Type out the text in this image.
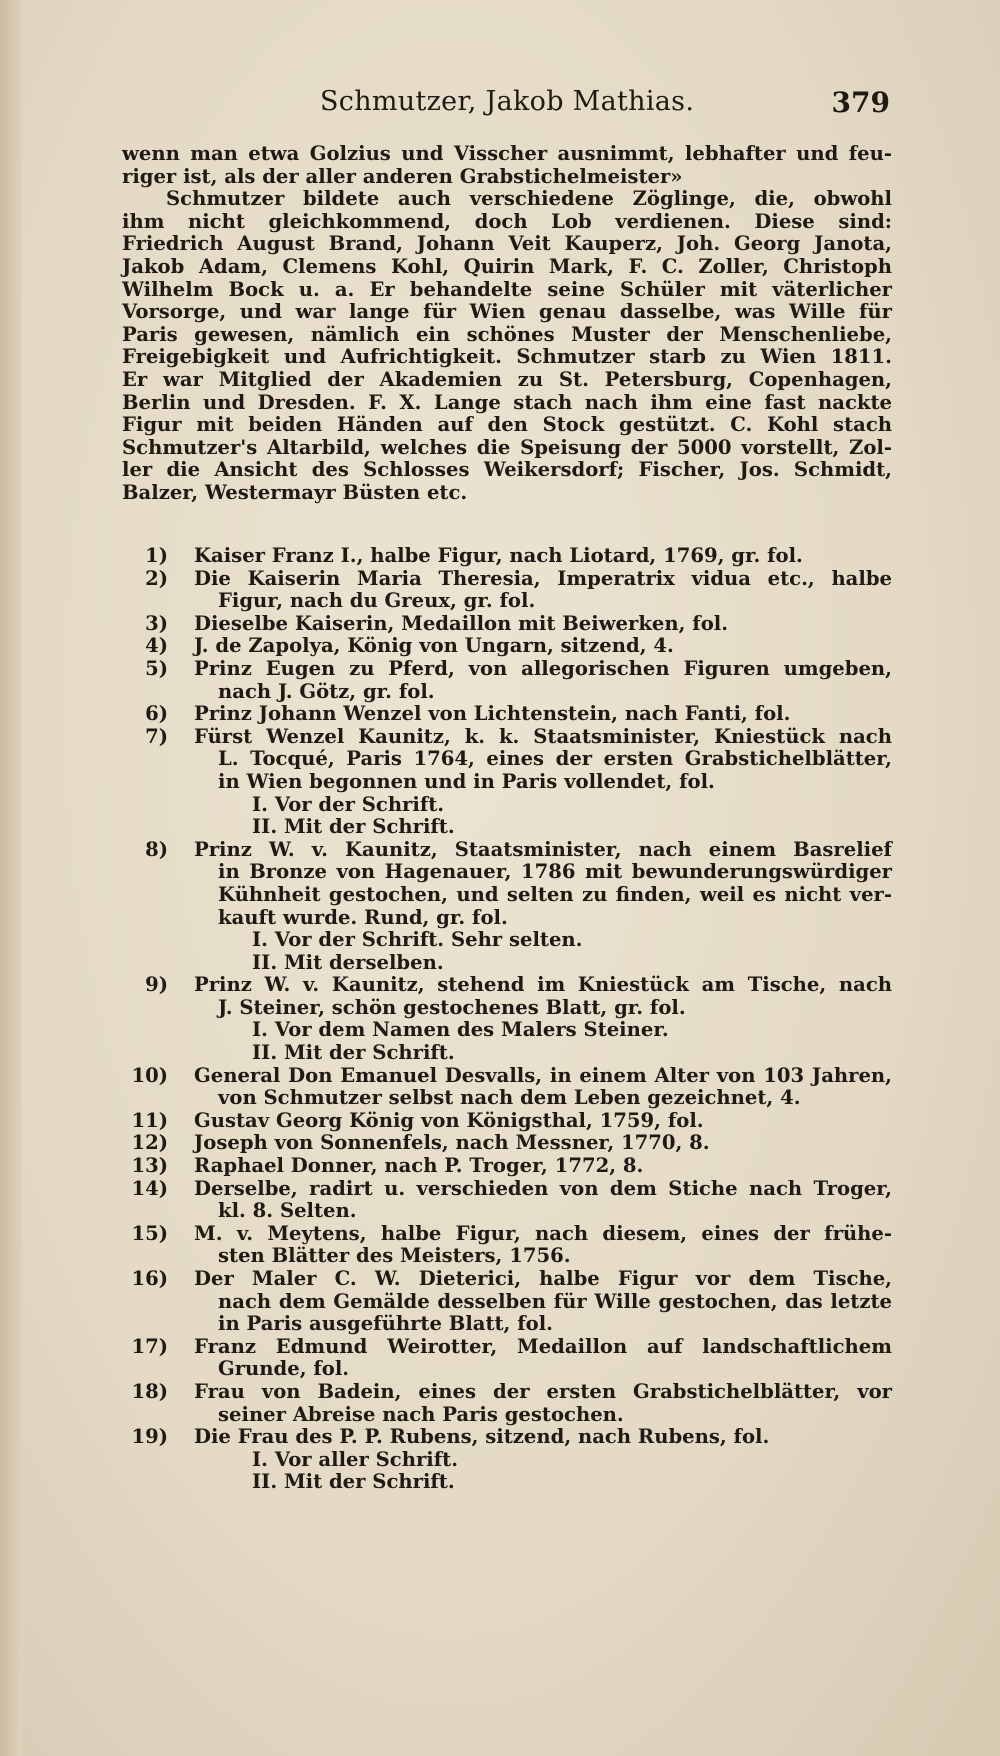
Schmutzer, Jakob Mathias.	379
wenn man etwa Golzius und Visscher ausnimmt, lebhafter und feu-
riger ist, als der aller anderen Grabstichelmeister»
Schmutzer bildete auch verschiedene Zöglinge, die, obwohl
ihm nicht gleichkommend, doch Lob verdienen. Diese sind:
Friedrich August Brand, Johann Veit Kauperz, Joh. Georg Janota,
Jakob Adam, Clemens Kohl, Quirin Mark, F. C. Zoller, Christoph
Wilhelm Bock u. a. Er behandelte seine Schüler mit väterlicher
Vorsorge, und war lange für Wien genau dasselbe, was Wille für
Paris gewesen, nämlich ein schönes Muster der Menschenliebe,
Freigebigkeit und Aufrichtigkeit. Schmutzer starb zu Wien 1811.
Er war Mitglied der Akademien zu St. Petersburg, Copenhagen,
Berlin und Dresden. F. X. Lange stach nach ihm eine fast nackte
Figur mit beiden Händen auf den Stock gestützt. C. Kohl stach
Schmutzer's Altarbild, welches die Speisung der 5000 vorstellt, Zol-
ler die Ansicht des Schlosses Weikersdorf; Fischer, Jos. Schmidt,
Balzer, Westermayr Büsten etc.
1) Kaiser Franz I., halbe Figur, nach Liotard, 1769, gr. fol.
2) Die Kaiserin Maria Theresia, Imperatrix vidua etc., halbe
Figur, nach du Greux, gr. fol.
3) Dieselbe Kaiserin, Medaillon mit Beiwerken, fol.
4) J. de Zapolya, König von Ungarn, sitzend, 4.
5) Prinz Eugen zu Pferd, von allegorischen Figuren umgeben,
nach J. Götz, gr. fol.
6) Prinz Johann Wenzel von Lichtenstein, nach Fanti, fol.
7) Fürst Wenzel Kaunitz, k. k. Staatsminister, Kniestück nach
L. Tocqué, Paris 1764, eines der ersten Grabstichelblätter,
in Wien begonnen und in Paris vollendet, fol.
I. Vor der Schrift.
II. Mit der Schrift.
8) Prinz W. v. Kaunitz, Staatsminister, nach einem Basrelief
in Bronze von Hagenauer, 1786 mit bewunderungswürdiger
Kühnheit gestochen, und selten zu finden, weil es nicht ver-
kauft wurde. Rund, gr. fol.
I. Vor der Schrift. Sehr selten.
II. Mit derselben.
9) Prinz W. v. Kaunitz, stehend im Kniestück am Tische, nach
J. Steiner, schön gestochenes Blatt, gr. fol.
I. Vor dem Namen des Malers Steiner.
II. Mit der Schrift.
10) General Don Emanuel Desvalls, in einem Alter von 103 Jahren,
von Schmutzer selbst nach dem Leben gezeichnet, 4.
11) Gustav Georg König von Königsthal, 1759, fol.
12) Joseph von Sonnenfels, nach Messner, 1770, 8.
13) Raphael Donner, nach P. Troger, 1772, 8.
14) Derselbe, radirt u. verschieden von dem Stiche nach Troger,
kl. 8. Selten.
15) M. v. Meytens, halbe Figur, nach diesem, eines der frühe-
sten Blätter des Meisters, 1756.
16) Der Maler C. W. Dieterici, halbe Figur vor dem Tische,
nach dem Gemälde desselben für Wille gestochen, das letzte
in Paris ausgeführte Blatt, fol.
17) Franz Edmund Weirotter, Medaillon auf landschaftlichem
Grunde, fol.
18) Frau von Badein, eines der ersten Grabstichelblätter, vor
seiner Abreise nach Paris gestochen.
19) Die Frau des P. P. Rubens, sitzend, nach Rubens, fol.
I. Vor aller Schrift.
II. Mit der Schrift.
